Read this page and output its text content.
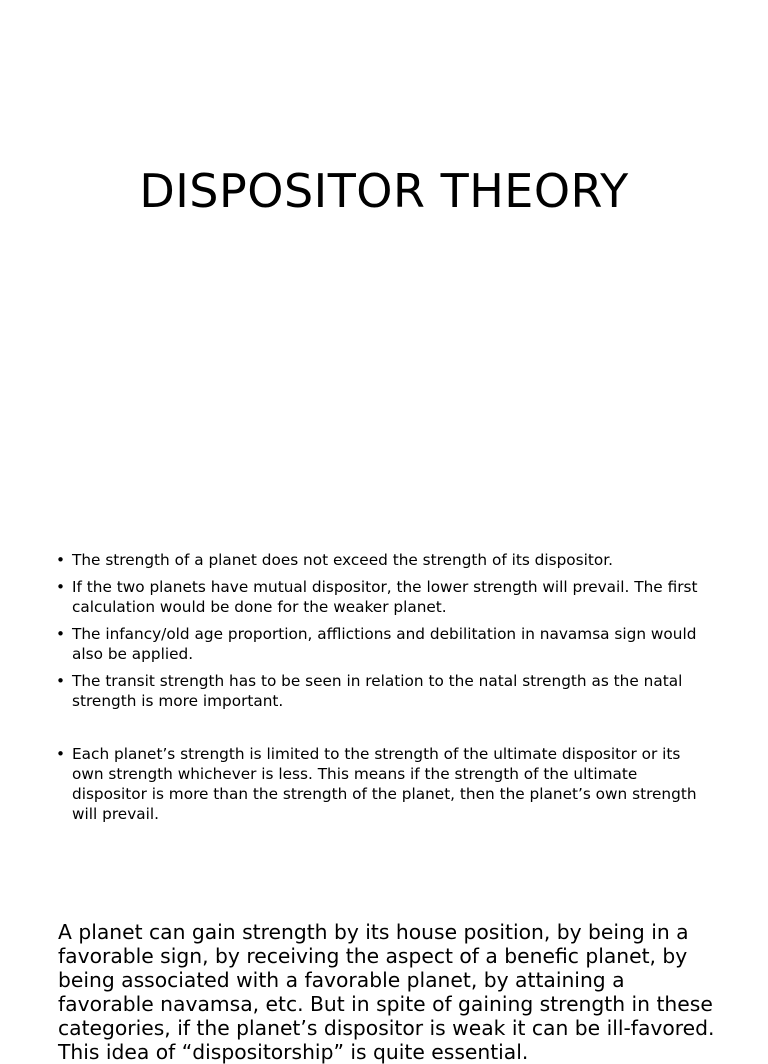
DISPOSITOR THEORY
• The strength of a planet does not exceed the strength of its dispositor.
• If the two planets have mutual dispositor, the lower strength will prevail. The first calculation would be done for the weaker planet.
• The infancy/old age proportion, afflictions and debilitation in navamsa sign would also be applied.
• The transit strength has to be seen in relation to the natal strength as the natal strength is more important.
• Each planet’s strength is limited to the strength of the ultimate dispositor or its own strength whichever is less. This means if the strength of the ultimate dispositor is more than the strength of the planet, then the planet’s own strength will prevail.

A planet can gain strength by its house position, by being in a favorable sign, by receiving the aspect of a benefic planet, by being associated with a favorable planet, by attaining a favorable navamsa, etc. But in spite of gaining strength in these categories, if the planet’s dispositor is weak it can be ill-favored. This idea of “dispositorship” is quite essential.
